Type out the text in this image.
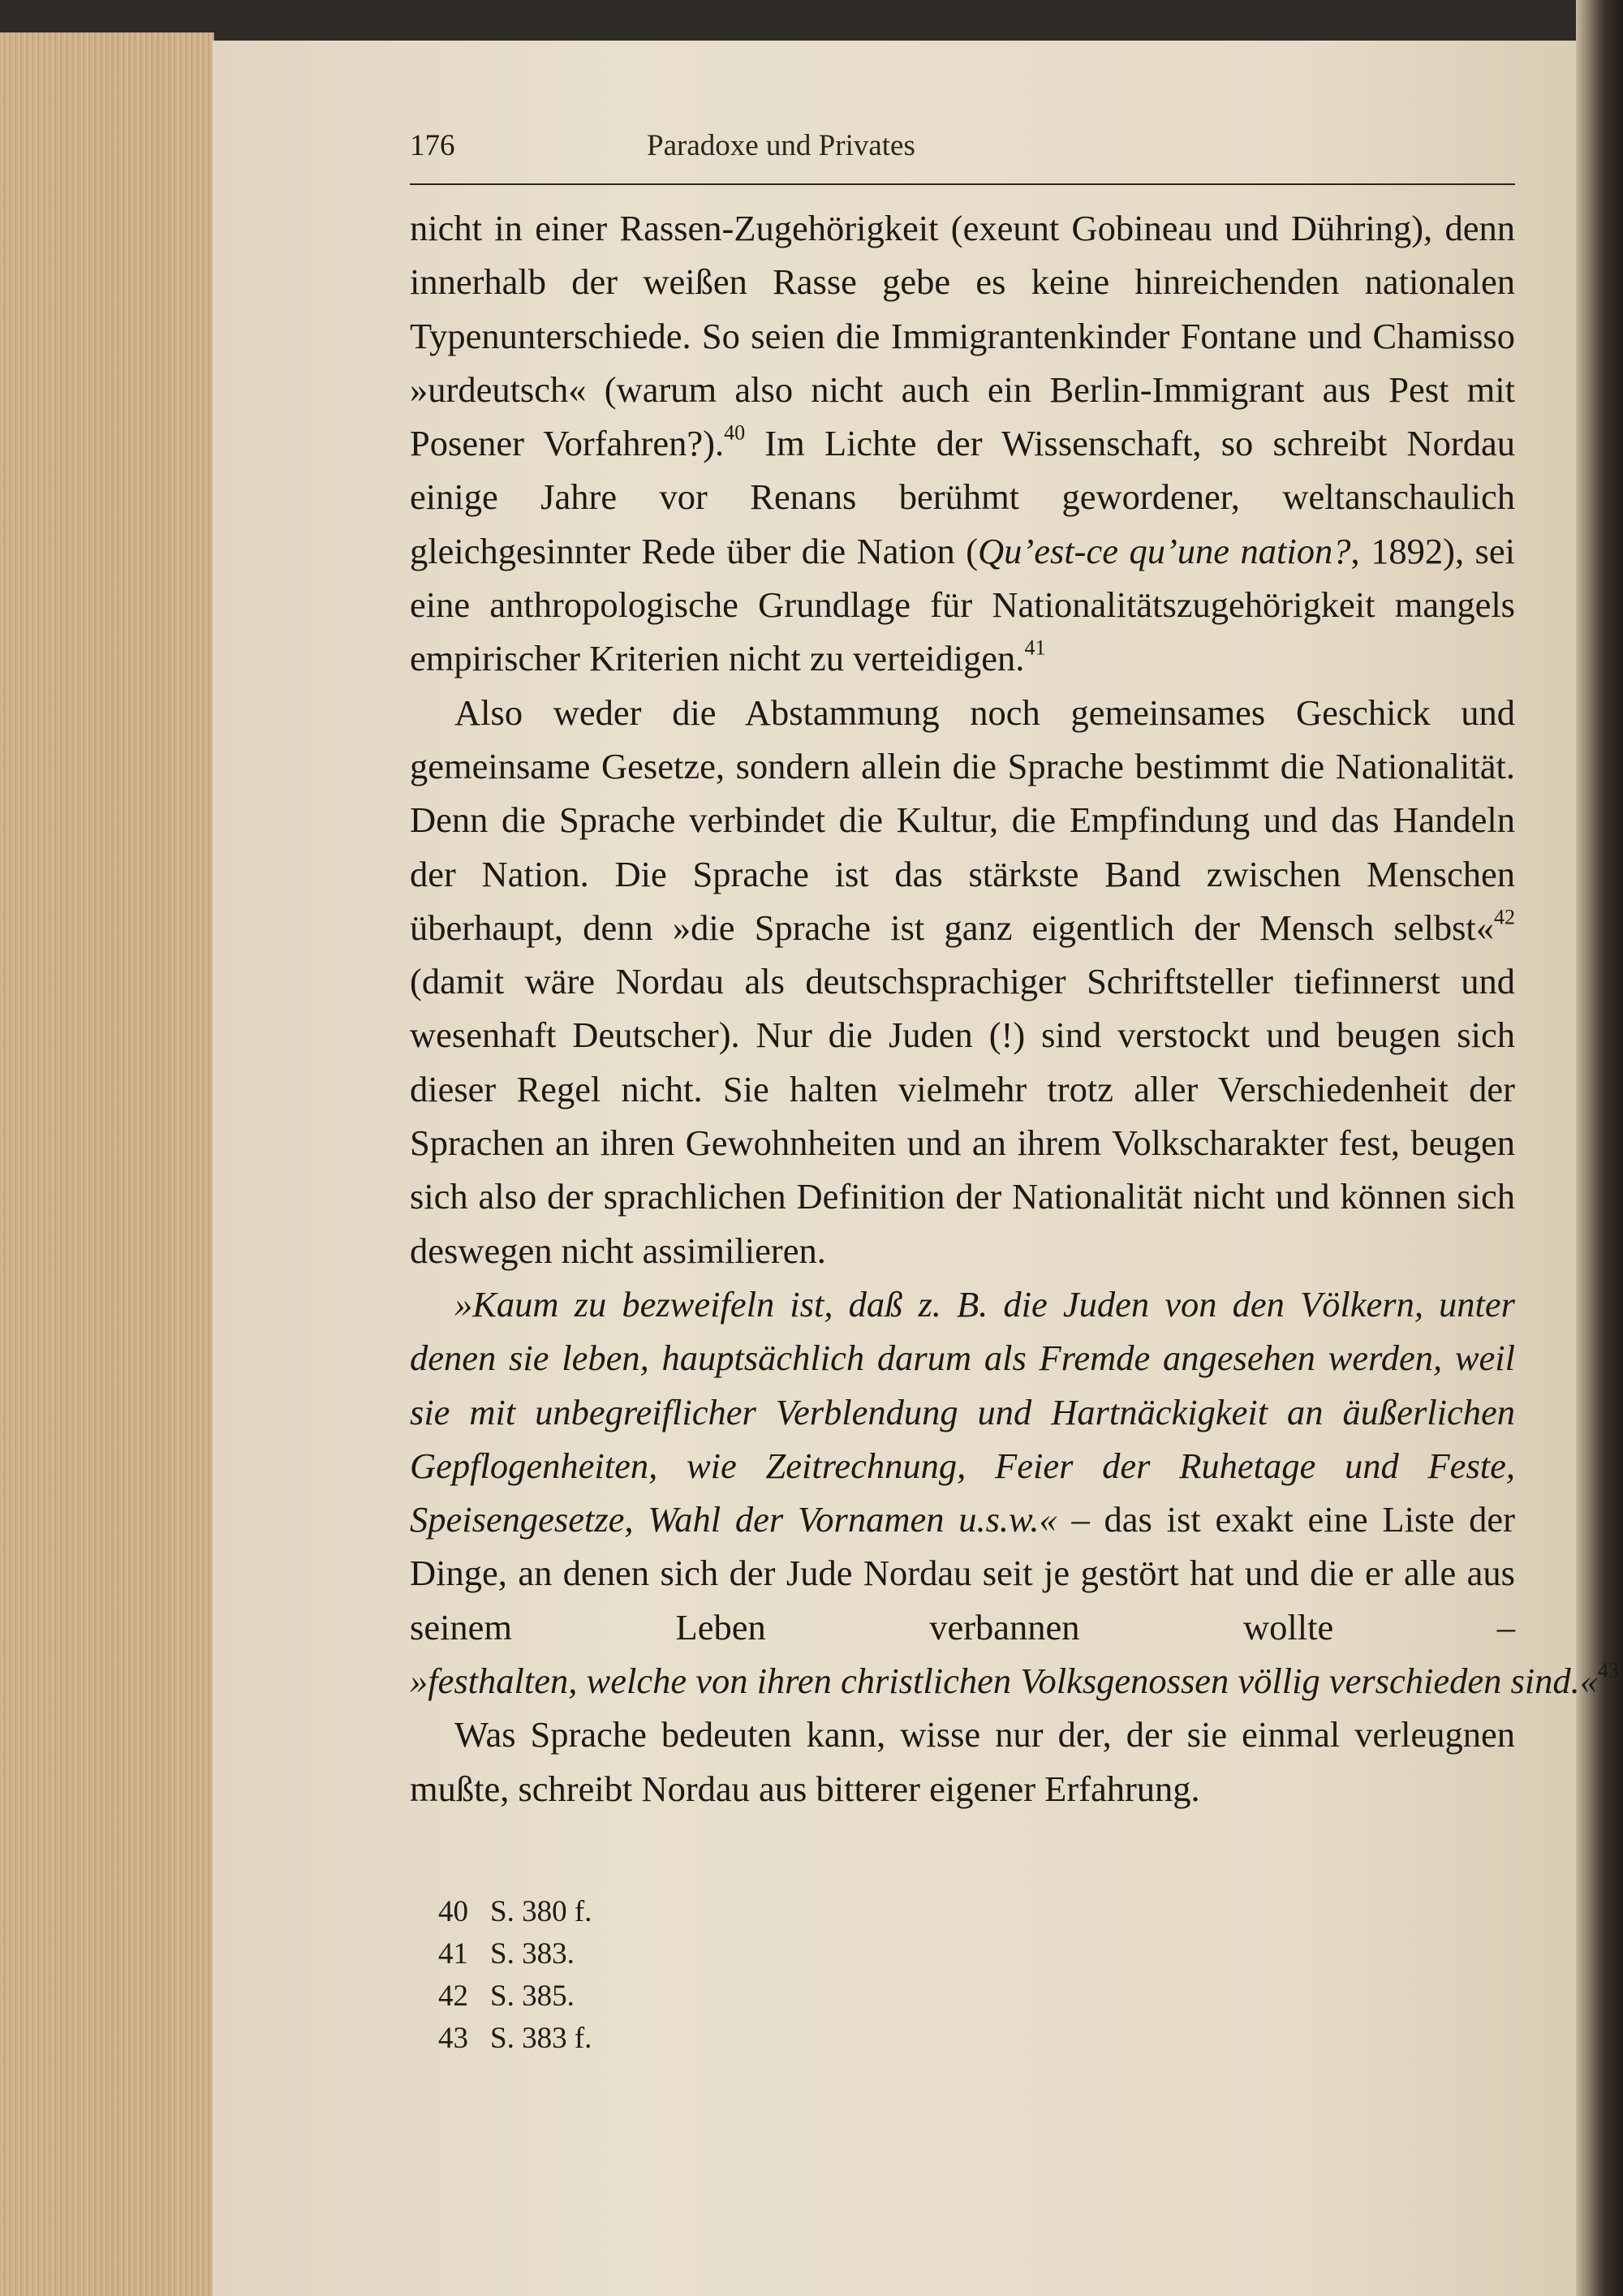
176	Paradoxe und Privates

nicht in einer Rassen-Zugehörigkeit (exeunt Gobineau und Dühring), denn innerhalb der weißen Rasse gebe es keine hinreichenden nationalen Typenunterschiede. So seien die Immigrantenkinder Fontane und Chamisso »urdeutsch« (warum also nicht auch ein Berlin-Immigrant aus Pest mit Posener Vorfahren?).$^{40}$ Im Lichte der Wissenschaft, so schreibt Nordau einige Jahre vor Renans berühmt gewordener, weltanschaulich gleichgesinnter Rede über die Nation (Qu’est-ce qu’une nation?, 1892), sei eine anthropologische Grundlage für Nationalitätszugehörigkeit mangels empirischer Kriterien nicht zu verteidigen.$^{41}$

Also weder die Abstammung noch gemeinsames Geschick und gemeinsame Gesetze, sondern allein die Sprache bestimmt die Nationalität. Denn die Sprache verbindet die Kultur, die Empfindung und das Handeln der Nation. Die Sprache ist das stärkste Band zwischen Menschen überhaupt, denn »die Sprache ist ganz eigentlich der Mensch selbst«$^{42}$ (damit wäre Nordau als deutschsprachiger Schriftsteller tiefinnerst und wesenhaft Deutscher). Nur die Juden (!) sind verstockt und beugen sich dieser Regel nicht. Sie halten vielmehr trotz aller Verschiedenheit der Sprachen an ihren Gewohnheiten und an ihrem Volkscharakter fest, beugen sich also der sprachlichen Definition der Nationalität nicht und können sich deswegen nicht assimilieren.

»Kaum zu bezweifeln ist, daß z. B. die Juden von den Völkern, unter denen sie leben, hauptsächlich darum als Fremde angesehen werden, weil sie mit unbegreiflicher Verblendung und Hartnäckigkeit an äußerlichen Gepflogenheiten, wie Zeitrechnung, Feier der Ruhetage und Feste, Speisengesetze, Wahl der Vornamen u.s.w.« – das ist exakt eine Liste der Dinge, an denen sich der Jude Nordau seit je gestört hat und die er alle aus seinem Leben verbannen wollte – »festhalten, welche von ihren christlichen Volksgenossen völlig verschieden sind.«$^{43}$

Was Sprache bedeuten kann, wisse nur der, der sie einmal verleugnen mußte, schreibt Nordau aus bitterer eigener Erfahrung.

40 S. 380 f.
41 S. 383.
42 S. 385.
43 S. 383 f.
